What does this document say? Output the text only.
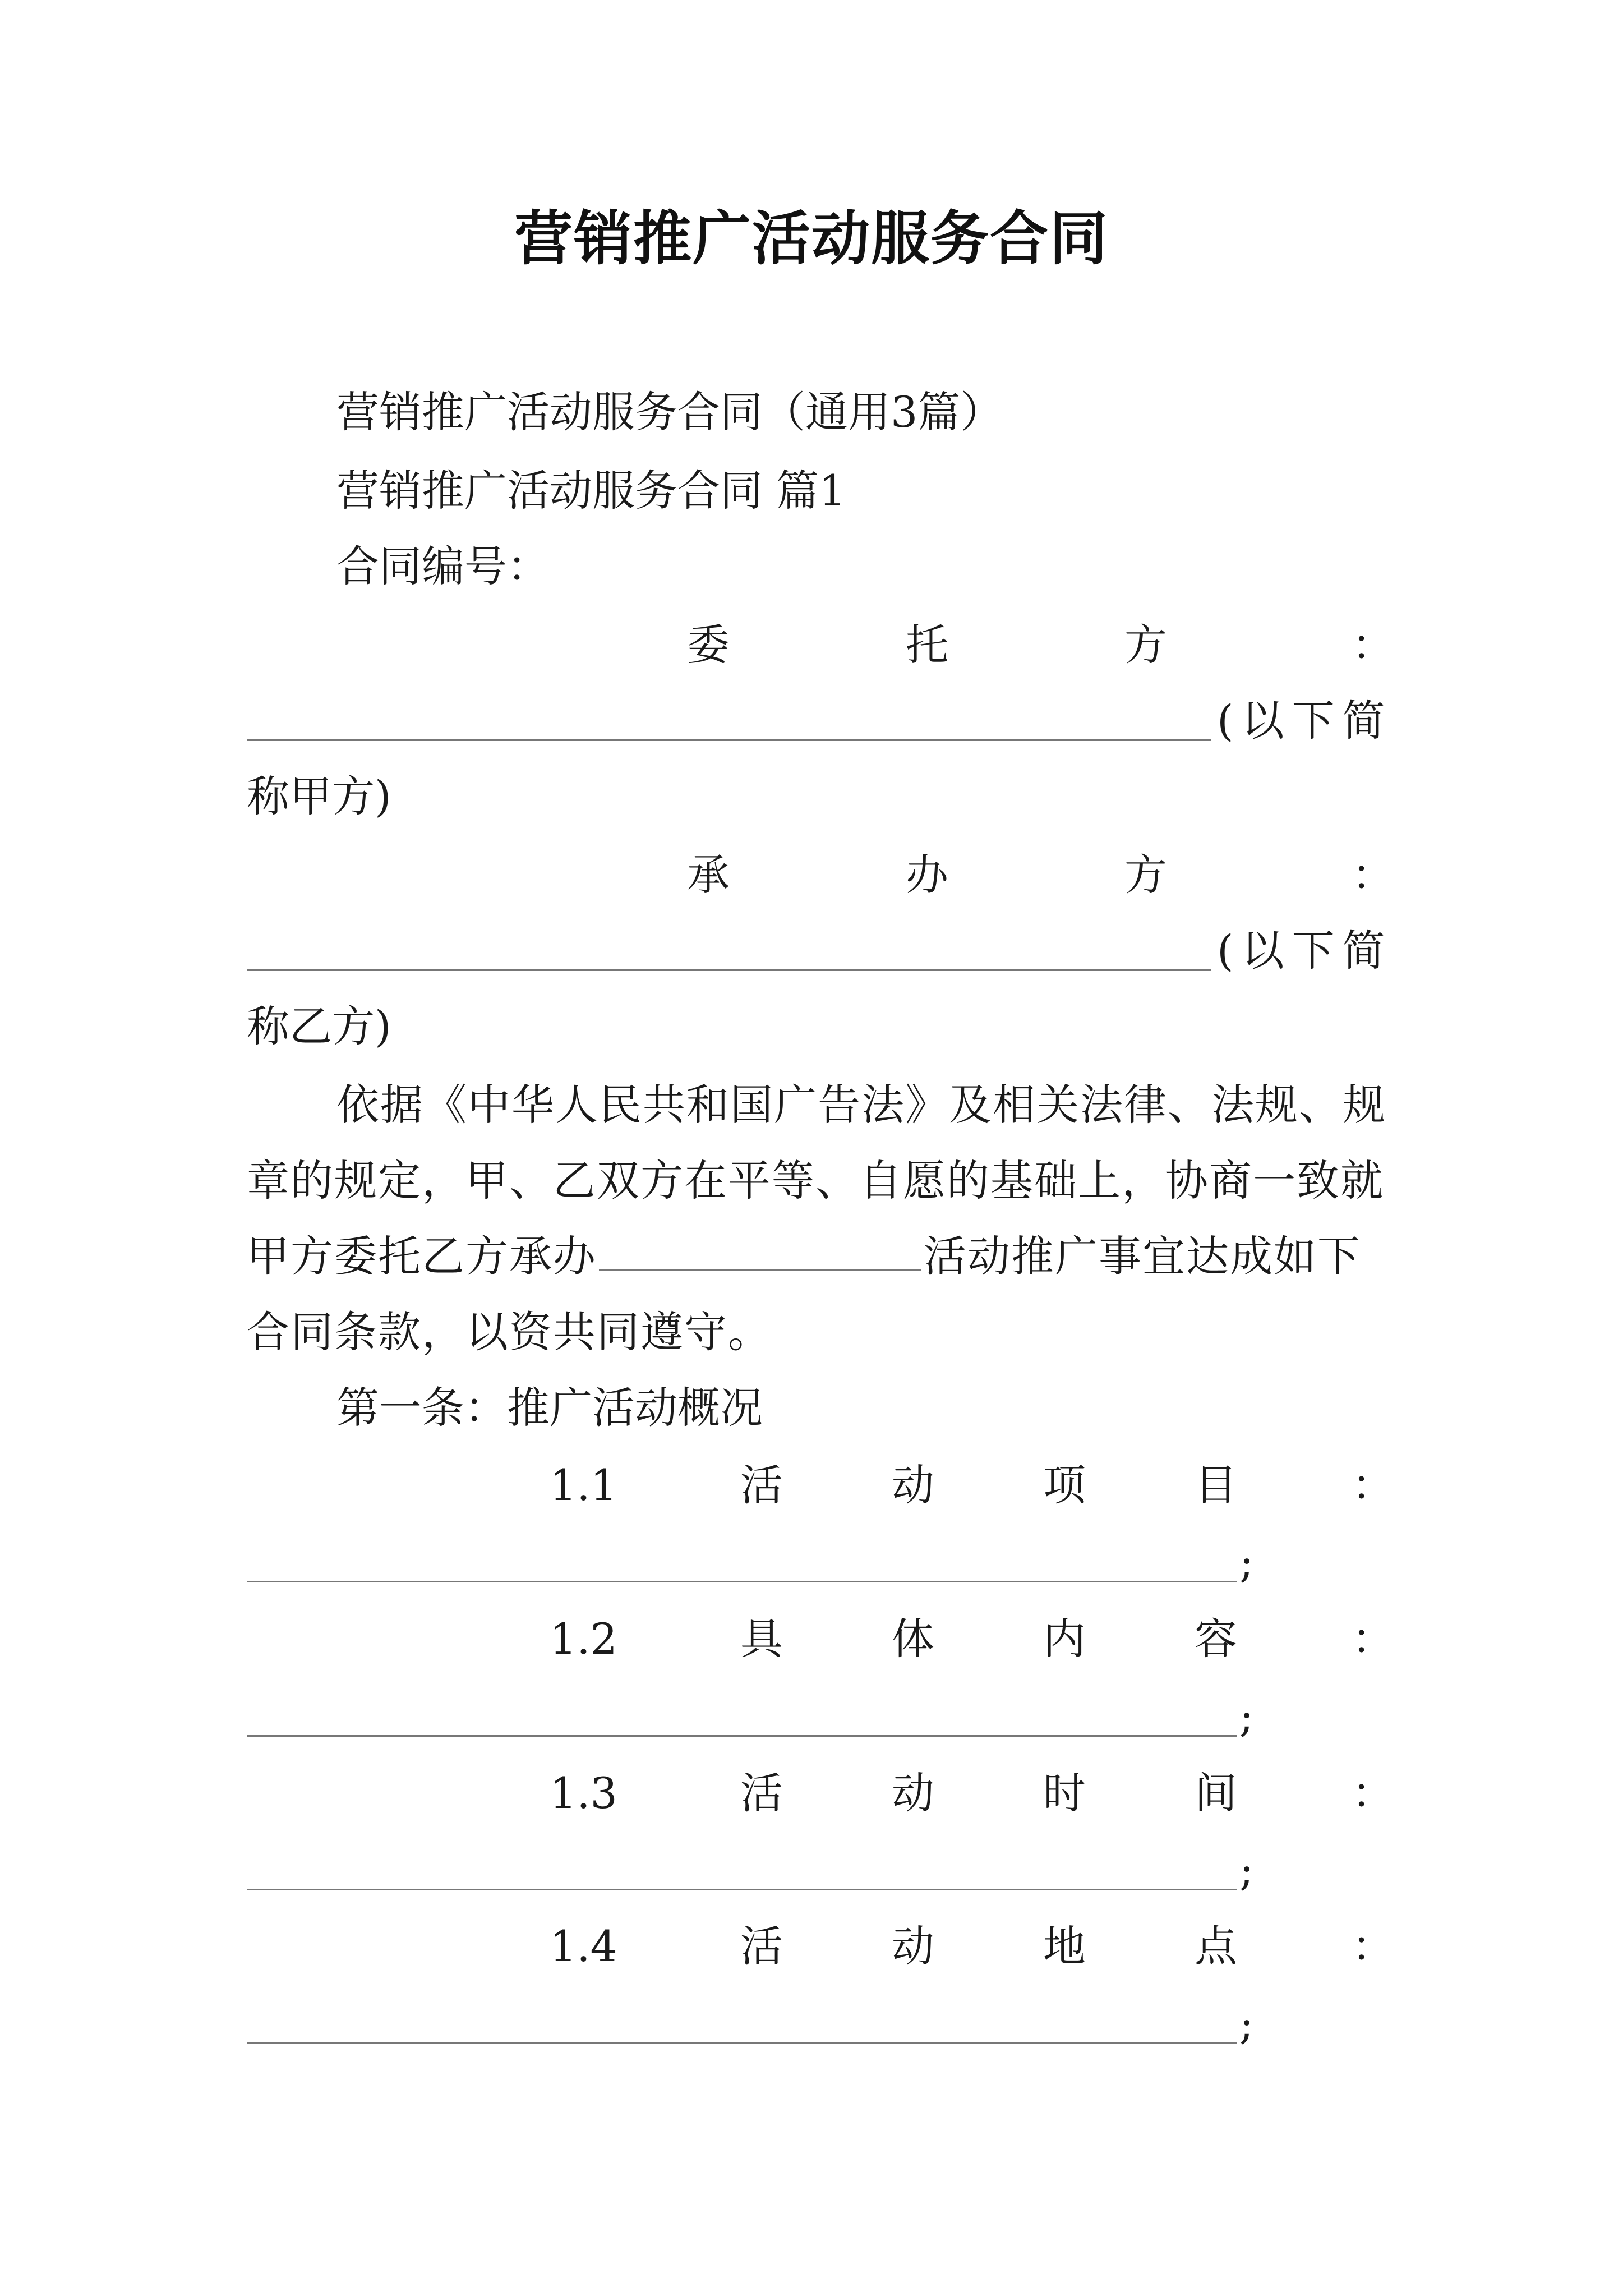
营销推广活动服务合同
营销推广活动服务合同（通用3篇）
营销推广活动服务合同 篇1
合同编号：
委	托	方	：
(以下简
称甲方)
承	办	方	：
(以下简
称乙方)
依据《中华人民共和国广告法》及相关法律、法规、规
章的规定，甲、乙双方在平等、自愿的基础上，协商一致就
甲方委托乙方承办	活动推广事宜达成如下
合同条款，以资共同遵守。
第一条：推广活动概况
1.1	活	动	项	目	：
;
1.2	具	体	内	容	：
;
1.3	活	动	时	间	：
;
1.4	活	动	地	点	：
;
